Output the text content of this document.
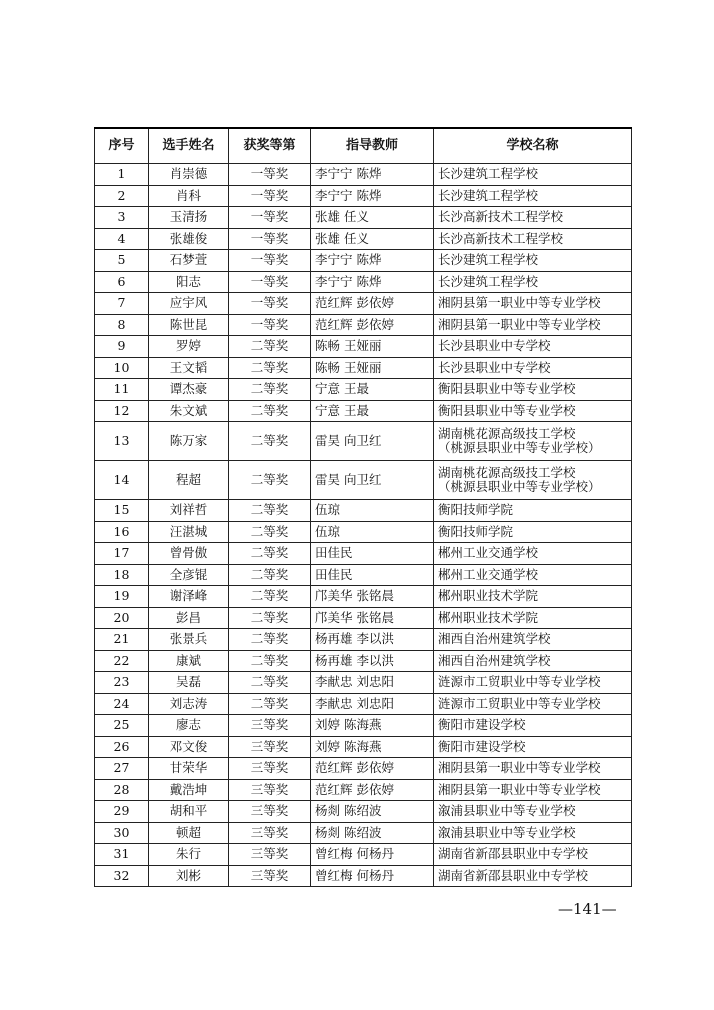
序号	选手姓名	获奖等第	指导教师	学校名称
1	肖崇德	一等奖	李宁宁 陈烨	长沙建筑工程学校
2	肖科	一等奖	李宁宁 陈烨	长沙建筑工程学校
3	玉清扬	一等奖	张雄 任义	长沙高新技术工程学校
4	张雄俊	一等奖	张雄 任义	长沙高新技术工程学校
5	石梦萱	一等奖	李宁宁 陈烨	长沙建筑工程学校
6	阳志	一等奖	李宁宁 陈烨	长沙建筑工程学校
7	应宇风	一等奖	范红辉 彭依婷	湘阴县第一职业中等专业学校
8	陈世昆	一等奖	范红辉 彭依婷	湘阴县第一职业中等专业学校
9	罗婷	二等奖	陈畅 王娅丽	长沙县职业中专学校
10	王文韬	二等奖	陈畅 王娅丽	长沙县职业中专学校
11	谭杰豪	二等奖	宁意 王最	衡阳县职业中等专业学校
12	朱文斌	二等奖	宁意 王最	衡阳县职业中等专业学校
13	陈万家	二等奖	雷昊 向卫红	湖南桃花源高级技工学校
（桃源县职业中等专业学校）
14	程超	二等奖	雷昊 向卫红	湖南桃花源高级技工学校
（桃源县职业中等专业学校）
15	刘祥哲	二等奖	伍琼	衡阳技师学院
16	汪湛城	二等奖	伍琼	衡阳技师学院
17	曾骨傲	二等奖	田佳民	郴州工业交通学校
18	全彦锟	二等奖	田佳民	郴州工业交通学校
19	谢泽峰	二等奖	邝美华 张铭晨	郴州职业技术学院
20	彭昌	二等奖	邝美华 张铭晨	郴州职业技术学院
21	张景兵	二等奖	杨再雄 李以洪	湘西自治州建筑学校
22	康斌	二等奖	杨再雄 李以洪	湘西自治州建筑学校
23	吴磊	二等奖	李献忠 刘忠阳	涟源市工贸职业中等专业学校
24	刘志涛	二等奖	李献忠 刘忠阳	涟源市工贸职业中等专业学校
25	廖志	三等奖	刘婷 陈海燕	衡阳市建设学校
26	邓文俊	三等奖	刘婷 陈海燕	衡阳市建设学校
27	甘荣华	三等奖	范红辉 彭依婷	湘阴县第一职业中等专业学校
28	戴浩坤	三等奖	范红辉 彭依婷	湘阴县第一职业中等专业学校
29	胡和平	三等奖	杨剡 陈绍波	溆浦县职业中等专业学校
30	顿超	三等奖	杨剡 陈绍波	溆浦县职业中等专业学校
31	朱行	三等奖	曾红梅 何杨丹	湖南省新邵县职业中专学校
32	刘彬	三等奖	曾红梅 何杨丹	湖南省新邵县职业中专学校
—141—
